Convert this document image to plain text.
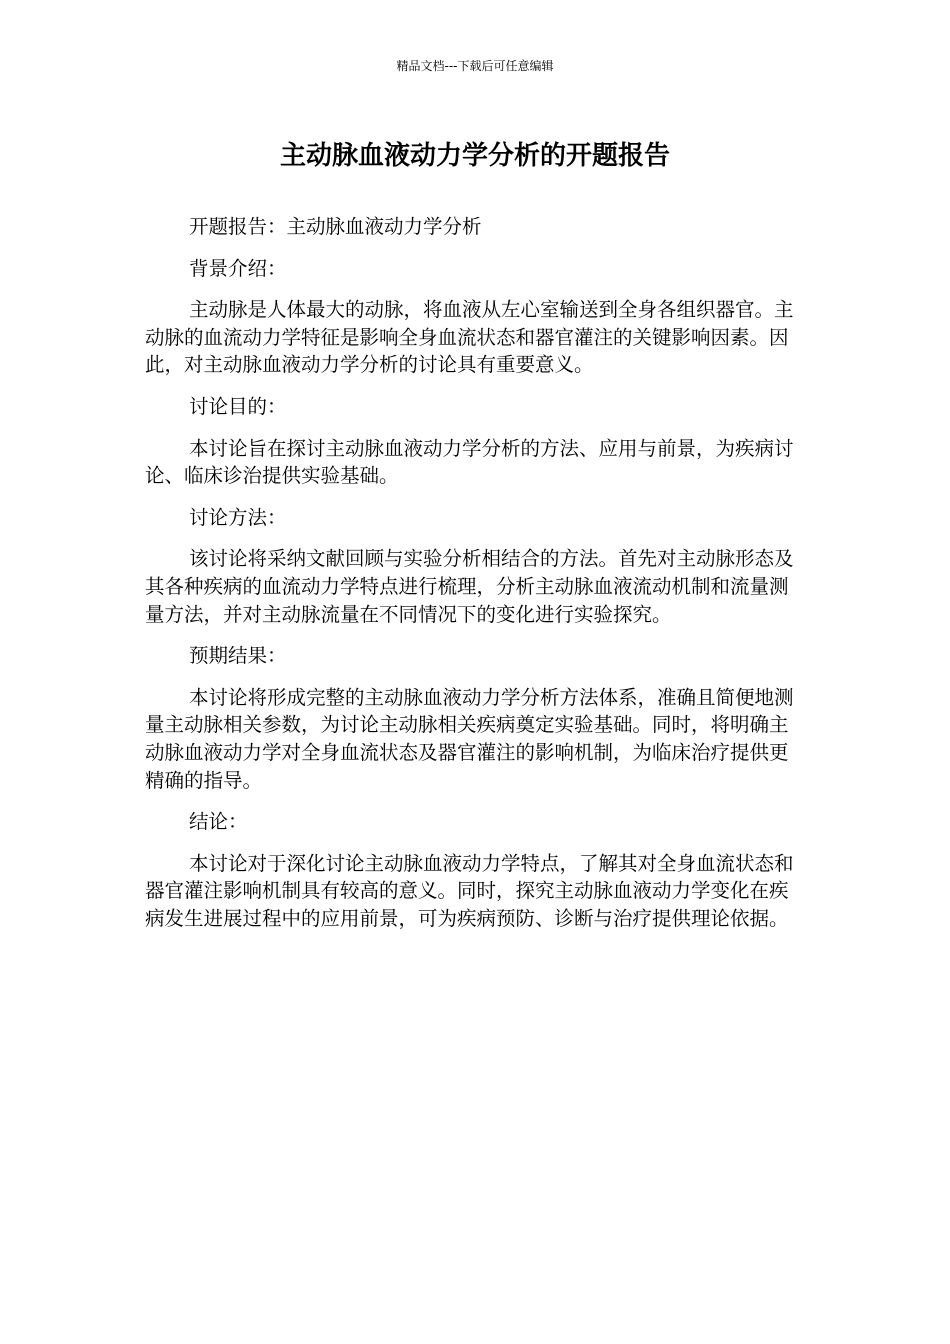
精品文档---下载后可任意编辑
主动脉血液动力学分析的开题报告

开题报告：主动脉血液动力学分析

背景介绍：

主动脉是人体最大的动脉，将血液从左心室输送到全身各组织器官。主动脉的血流动力学特征是影响全身血流状态和器官灌注的关键影响因素。因此，对主动脉血液动力学分析的讨论具有重要意义。

讨论目的：

本讨论旨在探讨主动脉血液动力学分析的方法、应用与前景，为疾病讨论、临床诊治提供实验基础。

讨论方法：

该讨论将采纳文献回顾与实验分析相结合的方法。首先对主动脉形态及其各种疾病的血流动力学特点进行梳理，分析主动脉血液流动机制和流量测量方法，并对主动脉流量在不同情况下的变化进行实验探究。

预期结果：

本讨论将形成完整的主动脉血液动力学分析方法体系，准确且简便地测量主动脉相关参数，为讨论主动脉相关疾病奠定实验基础。同时，将明确主动脉血液动力学对全身血流状态及器官灌注的影响机制，为临床治疗提供更精确的指导。

结论：

本讨论对于深化讨论主动脉血液动力学特点，了解其对全身血流状态和器官灌注影响机制具有较高的意义。同时，探究主动脉血液动力学变化在疾病发生进展过程中的应用前景，可为疾病预防、诊断与治疗提供理论依据。
